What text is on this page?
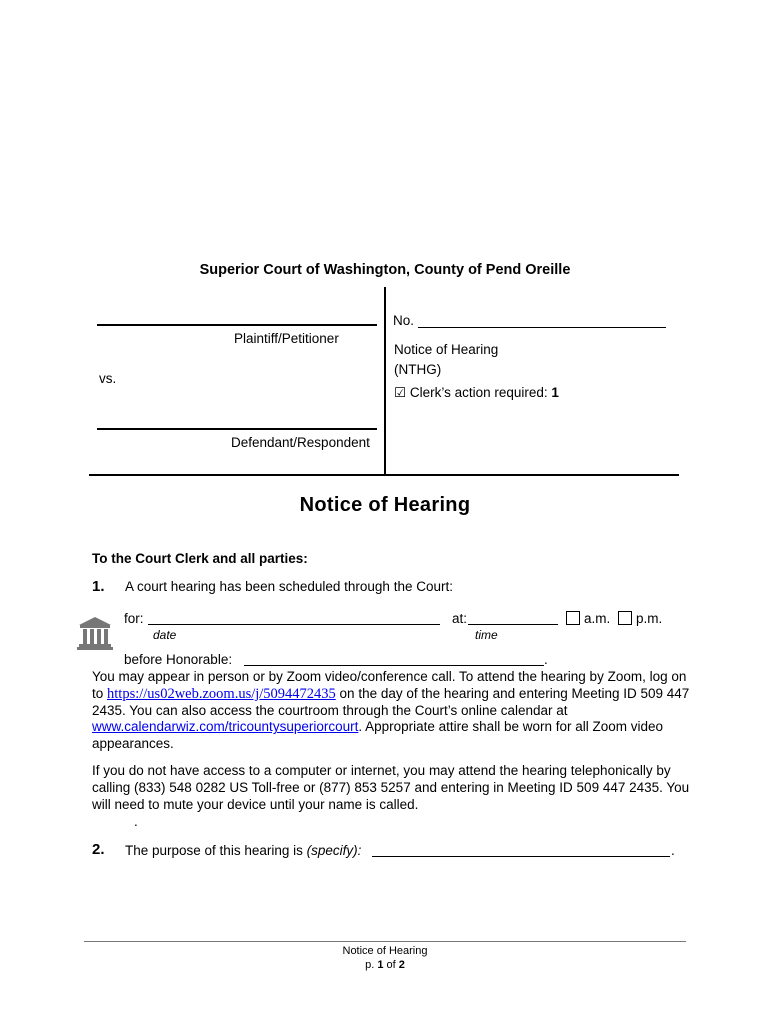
Superior Court of Washington, County of Pend Oreille
Plaintiff/Petitioner
vs.
Defendant/Respondent
No.
Notice of Hearing
(NTHG)
☑ Clerk’s action required: 1
Notice of Hearing
To the Court Clerk and all parties:
1. A court hearing has been scheduled through the Court:
for:
date
at:
time
a.m.	p.m.
before Honorable:	.
You may appear in person or by Zoom video/conference call. To attend the hearing by Zoom, log on to https://us02web.zoom.us/j/5094472435 on the day of the hearing and entering Meeting ID 509 447 2435. You can also access the courtroom through the Court’s online calendar at www.calendarwiz.com/tricountysuperiorcourt. Appropriate attire shall be worn for all Zoom video appearances.
If you do not have access to a computer or internet, you may attend the hearing telephonically by calling (833) 548 0282 US Toll-free or (877) 853 5257 and entering in Meeting ID 509 447 2435. You will need to mute your device until your name is called.
.
2. The purpose of this hearing is (specify):	.
Notice of Hearing
p. 1 of 2
